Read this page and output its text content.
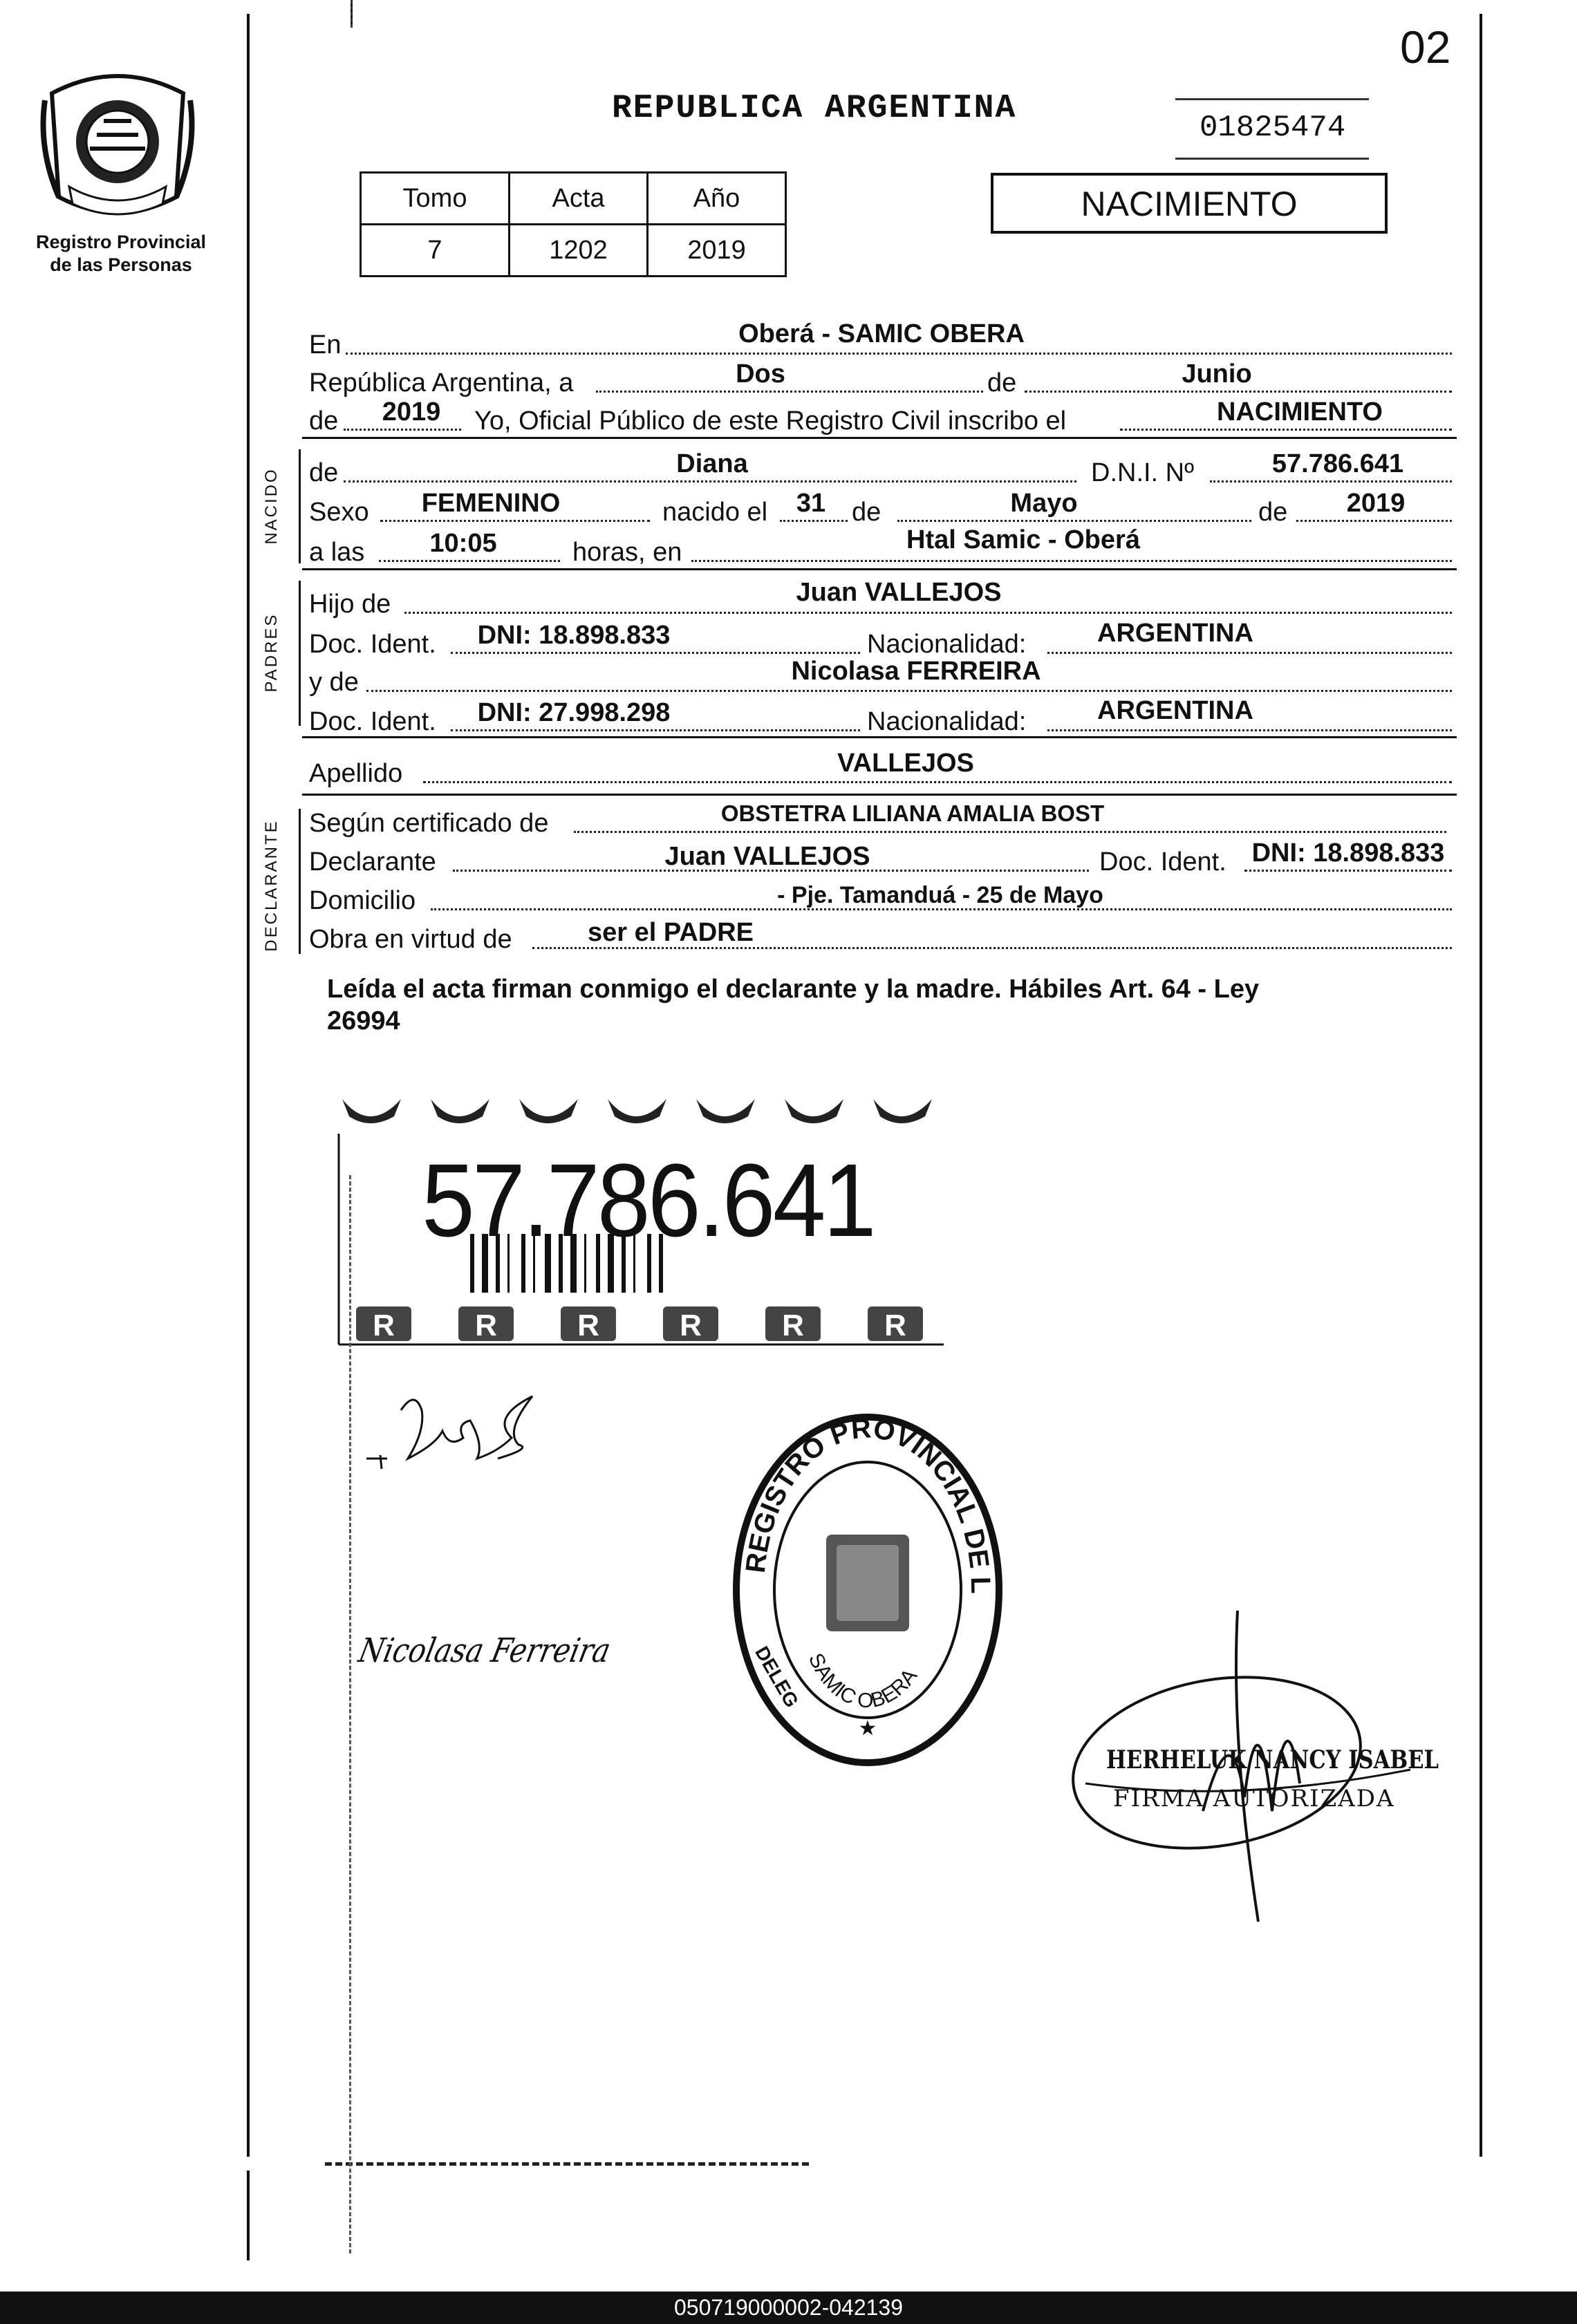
02
Registro Provincial
de las Personas
REPUBLICA ARGENTINA
01825474
Tomo	Acta	Año
7	1202	2019
NACIMIENTO
En	Oberá - SAMIC OBERA
República Argentina, a	Dos	de	Junio
de	2019	Yo, Oficial Público de este Registro Civil inscribo el	NACIMIENTO
NACIDO de	Diana	D.N.I. Nº	57.786.641
Sexo	FEMENINO	nacido el	31 de	Mayo	de	2019
a las	10:05	horas, en	Htal Samic - Oberá
PADRES
Hijo de	Juan VALLEJOS
Doc. Ident.	DNI: 18.898.833	Nacionalidad:	ARGENTINA
y de	Nicolasa FERREIRA
Doc. Ident.	DNI: 27.998.298	Nacionalidad:	ARGENTINA
Apellido	VALLEJOS
DECLARANTE Según certificado de	OBSTETRA LILIANA AMALIA BOST
Declarante	Juan VALLEJOS	Doc. Ident. DNI: 18.898.833
Domicilio	- Pje. Tamanduá - 25 de Mayo
Obra en virtud de	ser el PADRE
Leída el acta firman conmigo el declarante y la madre. Hábiles Art. 64 - Ley
26994
R	R	R	R	R	R
57.786.641
Nicolasa Ferreira
REGISTRO PROVINCIAL DE L
SAMIC OBERA
★
DELEG
HERHELUK NANCY ISABEL
FIRMA AUTORIZADA
050719000002-042139
